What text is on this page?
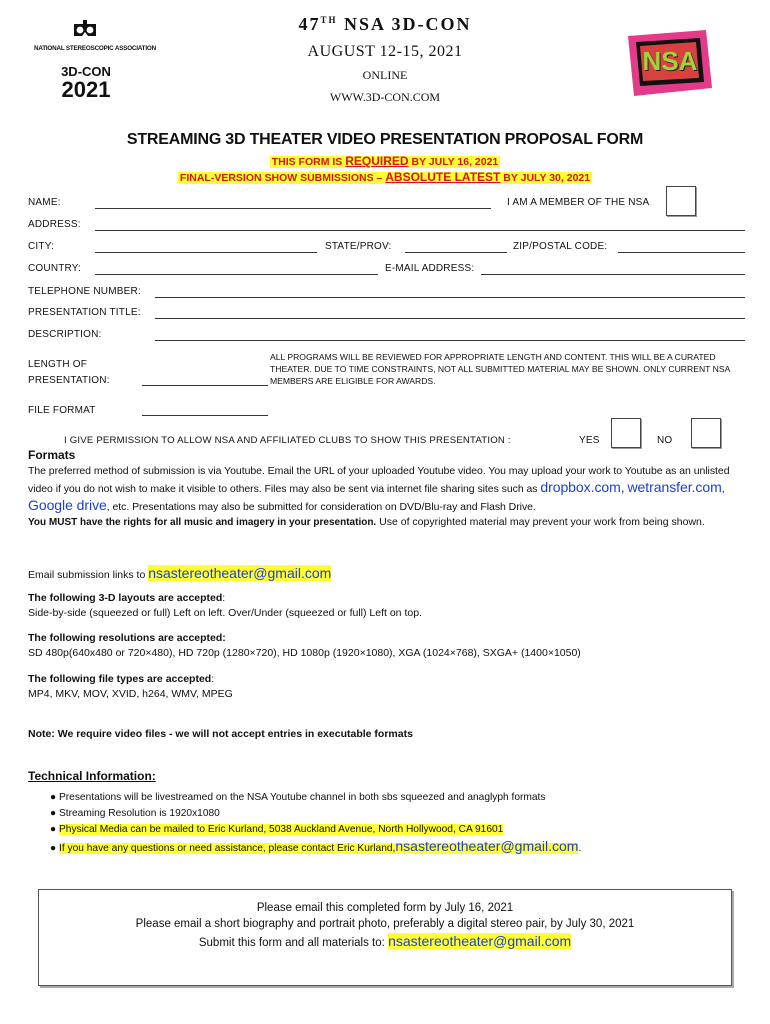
NATIONAL STEREOSCOPIC ASSOCIATION
3D-CON
2021
47TH NSA 3D-CON
AUGUST 12-15, 2021
ONLINE
WWW.3D-CON.COM
NSA
STREAMING 3D THEATER VIDEO PRESENTATION PROPOSAL FORM
THIS FORM IS REQUIRED BY JULY 16, 2021
FINAL-VERSION SHOW SUBMISSIONS – ABSOLUTE LATEST BY JULY 30, 2021
NAME:	I AM A MEMBER OF THE NSA
ADDRESS:
CITY:	STATE/PROV:	ZIP/POSTAL CODE:
COUNTRY:	E-MAIL ADDRESS:
TELEPHONE NUMBER:
PRESENTATION TITLE:
DESCRIPTION:
LENGTH OF
PRESENTATION:
ALL PROGRAMS WILL BE REVIEWED FOR APPROPRIATE LENGTH AND CONTENT. THIS WILL BE A CURATED THEATER. DUE TO TIME CONSTRAINTS, NOT ALL SUBMITTED MATERIAL MAY BE SHOWN. ONLY CURRENT NSA MEMBERS ARE ELIGIBLE FOR AWARDS.
FILE FORMAT
I GIVE PERMISSION TO ALLOW NSA AND AFFILIATED CLUBS TO SHOW THIS PRESENTATION :	YES	NO
Formats
The preferred method of submission is via Youtube. Email the URL of your uploaded Youtube video. You may upload your work to Youtube as an unlisted video if you do not wish to make it visible to others. Files may also be sent via internet file sharing sites such as dropbox.com, wetransfer.com, Google drive, etc. Presentations may also be submitted for consideration on DVD/Blu-ray and Flash Drive.
You MUST have the rights for all music and imagery in your presentation. Use of copyrighted material may prevent your work from being shown.
Email submission links to nsastereotheater@gmail.com
The following 3-D layouts are accepted:
Side-by-side (squeezed or full) Left on left. Over/Under (squeezed or full) Left on top.
The following resolutions are accepted:
SD 480p(640x480 or 720×480), HD 720p (1280×720), HD 1080p (1920×1080), XGA (1024×768), SXGA+ (1400×1050)
The following file types are accepted:
MP4, MKV, MOV, XVID, h264, WMV, MPEG
Note: We require video files - we will not accept entries in executable formats
Technical Information:
● Presentations will be livestreamed on the NSA Youtube channel in both sbs squeezed and anaglyph formats
● Streaming Resolution is 1920x1080
● Physical Media can be mailed to Eric Kurland, 5038 Auckland Avenue, North Hollywood, CA 91601
● If you have any questions or need assistance, please contact Eric Kurland,nsastereotheater@gmail.com.
Please email this completed form by July 16, 2021
Please email a short biography and portrait photo, preferably a digital stereo pair, by July 30, 2021
Submit this form and all materials to: nsastereotheater@gmail.com
